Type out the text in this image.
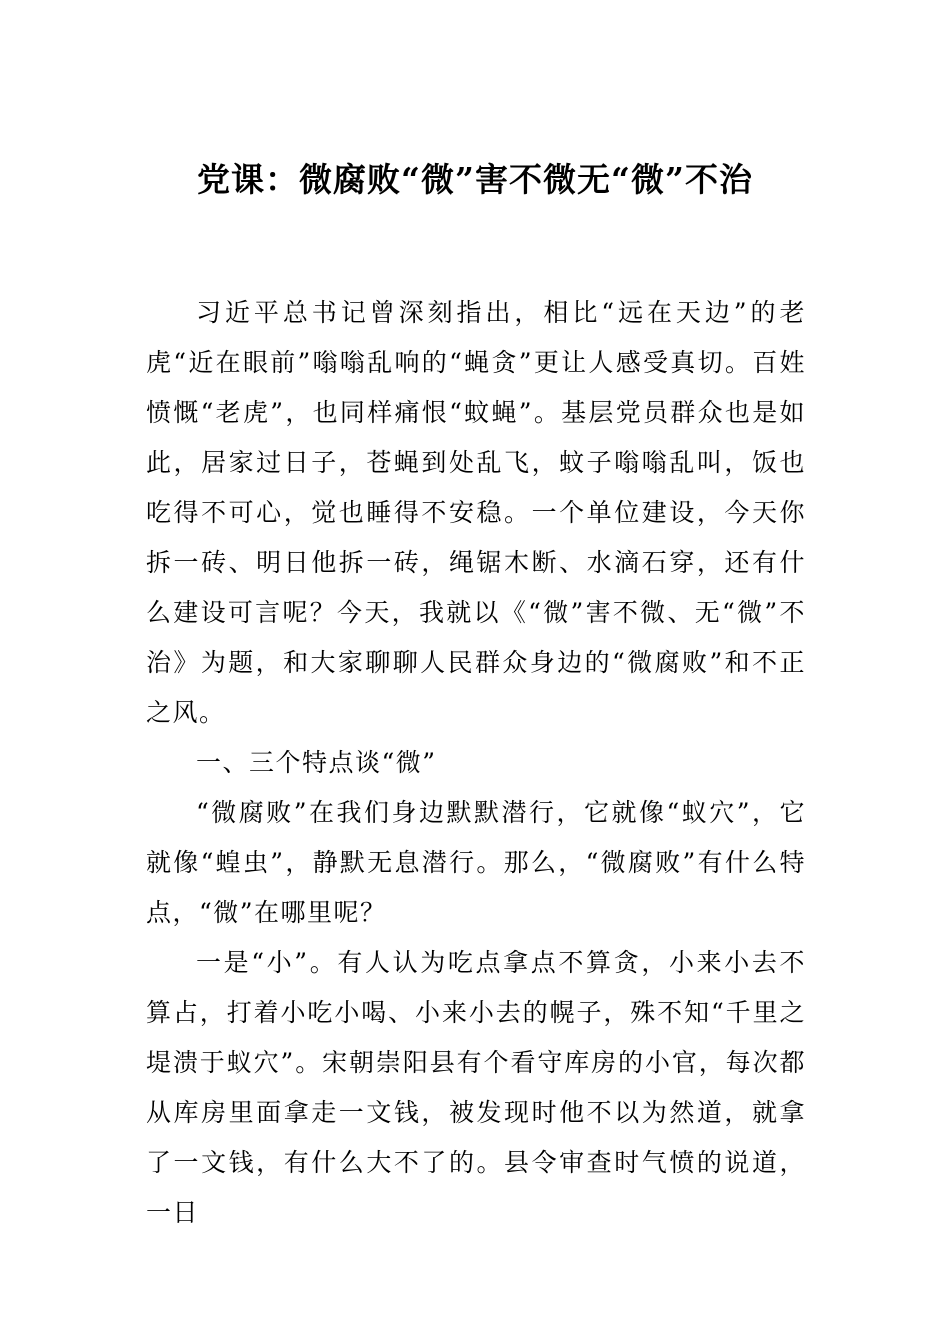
党课：微腐败“微”害不微无“微”不治

习近平总书记曾深刻指出，相比“远在天边”的老虎“近在眼前”嗡嗡乱响的“蝇贪”更让人感受真切。百姓愤慨“老虎”，也同样痛恨“蚊蝇”。基层党员群众也是如此，居家过日子，苍蝇到处乱飞，蚊子嗡嗡乱叫，饭也吃得不可心，觉也睡得不安稳。一个单位建设，今天你拆一砖、明日他拆一砖，绳锯木断、水滴石穿，还有什么建设可言呢？今天，我就以《“微”害不微、无“微”不治》为题，和大家聊聊人民群众身边的“微腐败”和不正之风。

一、三个特点谈“微”

“微腐败”在我们身边默默潜行，它就像“蚁穴”，它就像“蝗虫”，静默无息潜行。那么，“微腐败”有什么特点，“微”在哪里呢？

一是“小”。有人认为吃点拿点不算贪，小来小去不算占，打着小吃小喝、小来小去的幌子，殊不知“千里之堤溃于蚁穴”。宋朝崇阳县有个看守库房的小官，每次都从库房里面拿走一文钱，被发现时他不以为然道，就拿了一文钱，有什么大不了的。县令审查时气愤的说道，一日
